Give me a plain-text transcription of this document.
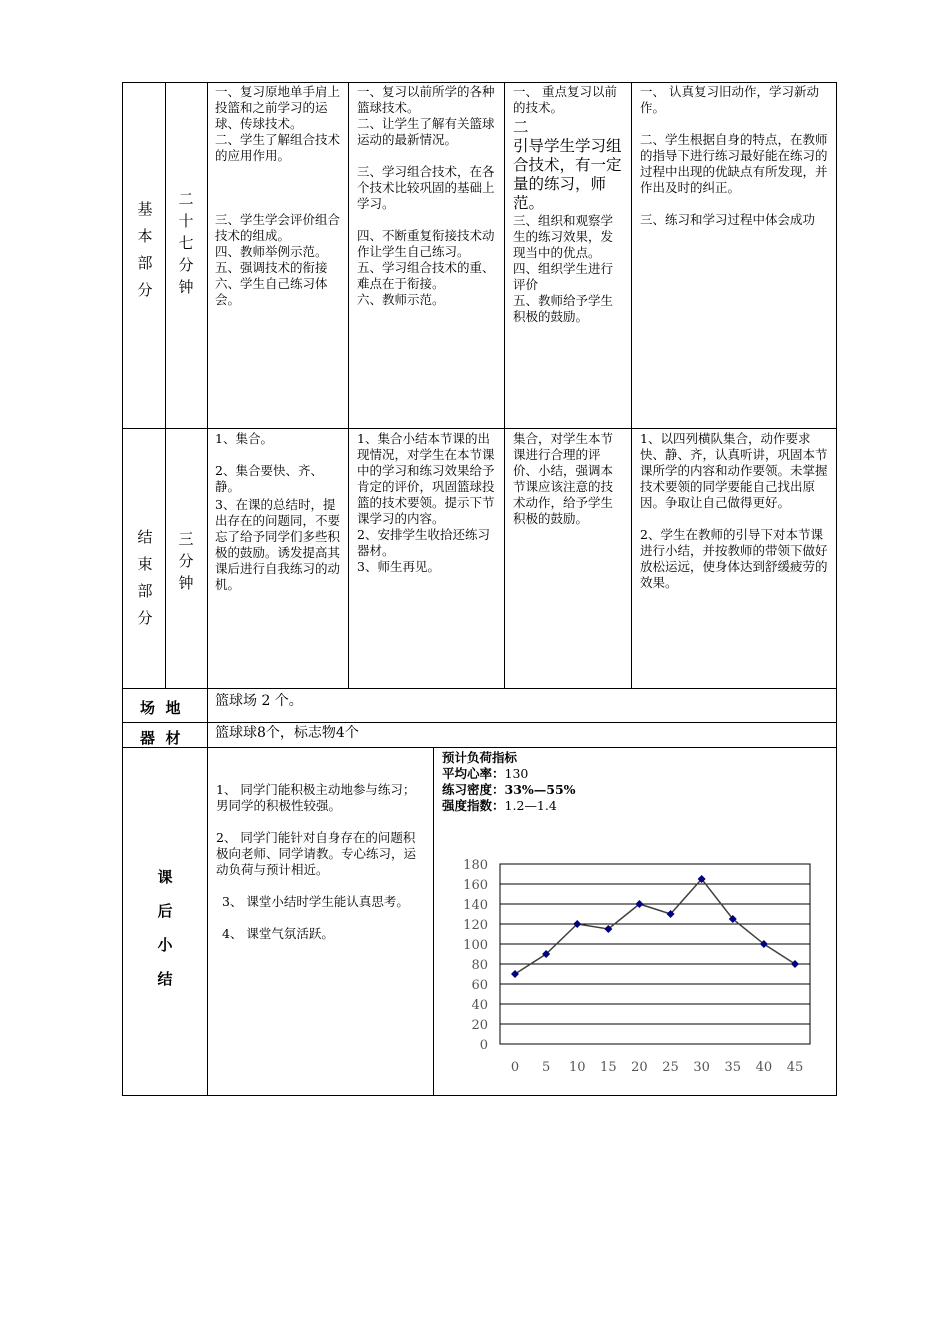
基
本
部
分
二
十
七
分
钟

一、复习原地单手肩上投篮和之前学习的运球、传球技术。

二、学生了解组合技术的应用作用。

三、学生学会评价组合技术的组成。

四、教师举例示范。

五、强调技术的衔接

六、学生自己练习体会。

一、复习以前所学的各种篮球技术。

二、让学生了解有关篮球运动的最新情况。

三、学习组合技术，在各个技术比较巩固的基础上学习。

四、不断重复衔接技术动作让学生自己练习。

五、学习组合技术的重、难点在于衔接。

六、教师示范。

一、 重点复习以前的技术。

二

引导学生学习组合技术，有一定量的练习，师范。

三、组织和观察学生的练习效果，发现当中的优点。

四、组织学生进行评价

五、教师给予学生积极的鼓励。

一、 认真复习旧动作，学习新动作。

二、学生根据自身的特点，在教师的指导下进行练习最好能在练习的过程中出现的优缺点有所发现，并作出及时的纠正。

三、练习和学习过程中体会成功

结
束
部
分
三
分
钟

1、集合。

2、集合要快、齐、静。

3、在课的总结时，提出存在的问题同，不要忘了给予同学们多些积极的鼓励。诱发提高其课后进行自我练习的动机。

1、集合小结本节课的出现情况，对学生在本节课中的学习和练习效果给予肯定的评价，巩固篮球投篮的技术要领。提示下节课学习的内容。

2、安排学生收拾还练习器材。

3、师生再见。

集合，对学生本节课进行合理的评价、小结，强调本节课应该注意的技术动作，给予学生积极的鼓励。

1、以四列横队集合，动作要求快、静、齐，认真听讲，巩固本节课所学的内容和动作要领。未掌握技术要领的同学要能自己找出原因。争取让自己做得更好。

2、学生在教师的引导下对本节课进行小结，并按教师的带领下做好放松运远，使身体达到舒缓疲劳的效果。

场  地 篮球场 2 个。
器  材 篮球球8个，标志物4个
课
后
小
结

1、 同学门能积极主动地参与练习；男同学的积极性较强。

2、 同学门能针对自身存在的问题积极向老师、同学请教。专心练习，运动负荷与预计相近。

3、 课堂小结时学生能认真思考。

4、 课堂气氛活跃。

预计负荷指标
平均心率：130
练习密度：33%—55%
强度指数：1.2—1.4
180
160
140
120
100
80
60
40
20
0
0 5 10 15 20 25 30 35 40 45
